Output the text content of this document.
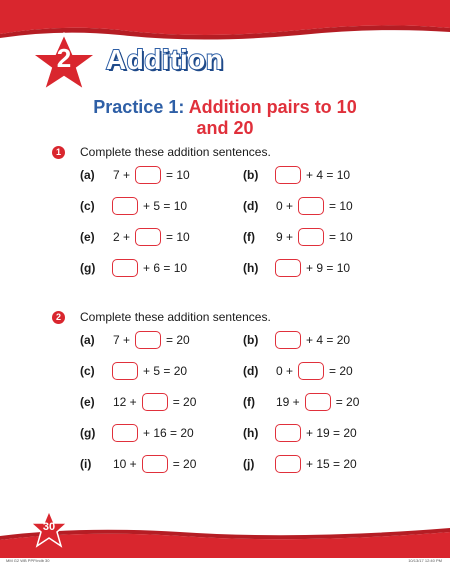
2	Addition
Practice 1: Addition pairs to 10
and 20
1	Complete these addition sentences.
(a)	7 +	= 10	(b)	+ 4 = 10
(c)	+ 5 = 10	(d)	0 +	= 10
(e)	2 +	= 10	(f)	9 +	= 10
(g)	+ 6 = 10	(h)	+ 9 = 10
2	Complete these addition sentences.
(a)	7 +	= 20	(b)	+ 4 = 20
(c)	+ 5 = 20	(d)	0 +	= 20
(e)	12 +	= 20	(f)	19 +	= 20
(g)	+ 16 = 20	(h)	+ 19 = 20
(i)	10 +	= 20	(j)	+ 15 = 20
30
MM G2 WB PPP.indb 30	10/13/17 12:40 PM
